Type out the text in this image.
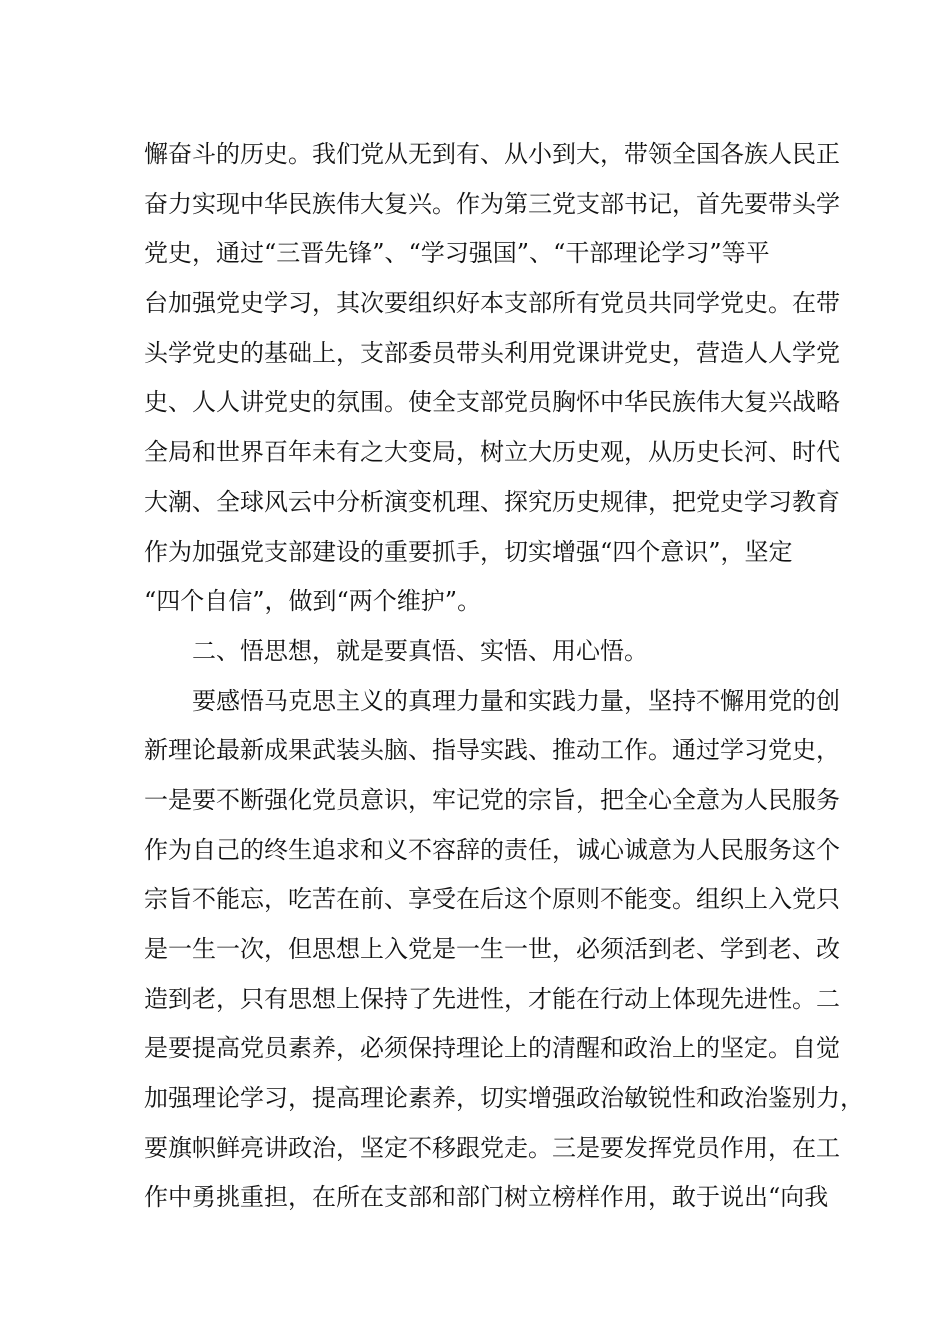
懈奋斗的历史。我们党从无到有、从小到大，带领全国各族人民正
奋力实现中华民族伟大复兴。作为第三党支部书记，首先要带头学
党史，通过“三晋先锋”、“学习强国”、“干部理论学习”等平
台加强党史学习，其次要组织好本支部所有党员共同学党史。在带
头学党史的基础上，支部委员带头利用党课讲党史，营造人人学党
史、人人讲党史的氛围。使全支部党员胸怀中华民族伟大复兴战略
全局和世界百年未有之大变局，树立大历史观，从历史长河、时代
大潮、全球风云中分析演变机理、探究历史规律，把党史学习教育
作为加强党支部建设的重要抓手，切实增强“四个意识”，坚定
“四个自信”，做到“两个维护”。
二、悟思想，就是要真悟、实悟、用心悟。
要感悟马克思主义的真理力量和实践力量，坚持不懈用党的创
新理论最新成果武装头脑、指导实践、推动工作。通过学习党史，
一是要不断强化党员意识，牢记党的宗旨，把全心全意为人民服务
作为自己的终生追求和义不容辞的责任，诚心诚意为人民服务这个
宗旨不能忘，吃苦在前、享受在后这个原则不能变。组织上入党只
是一生一次，但思想上入党是一生一世，必须活到老、学到老、改
造到老，只有思想上保持了先进性，才能在行动上体现先进性。二
是要提高党员素养，必须保持理论上的清醒和政治上的坚定。自觉
加强理论学习，提高理论素养，切实增强政治敏锐性和政治鉴别力，
要旗帜鲜亮讲政治，坚定不移跟党走。三是要发挥党员作用，在工
作中勇挑重担，在所在支部和部门树立榜样作用，敢于说出“向我
